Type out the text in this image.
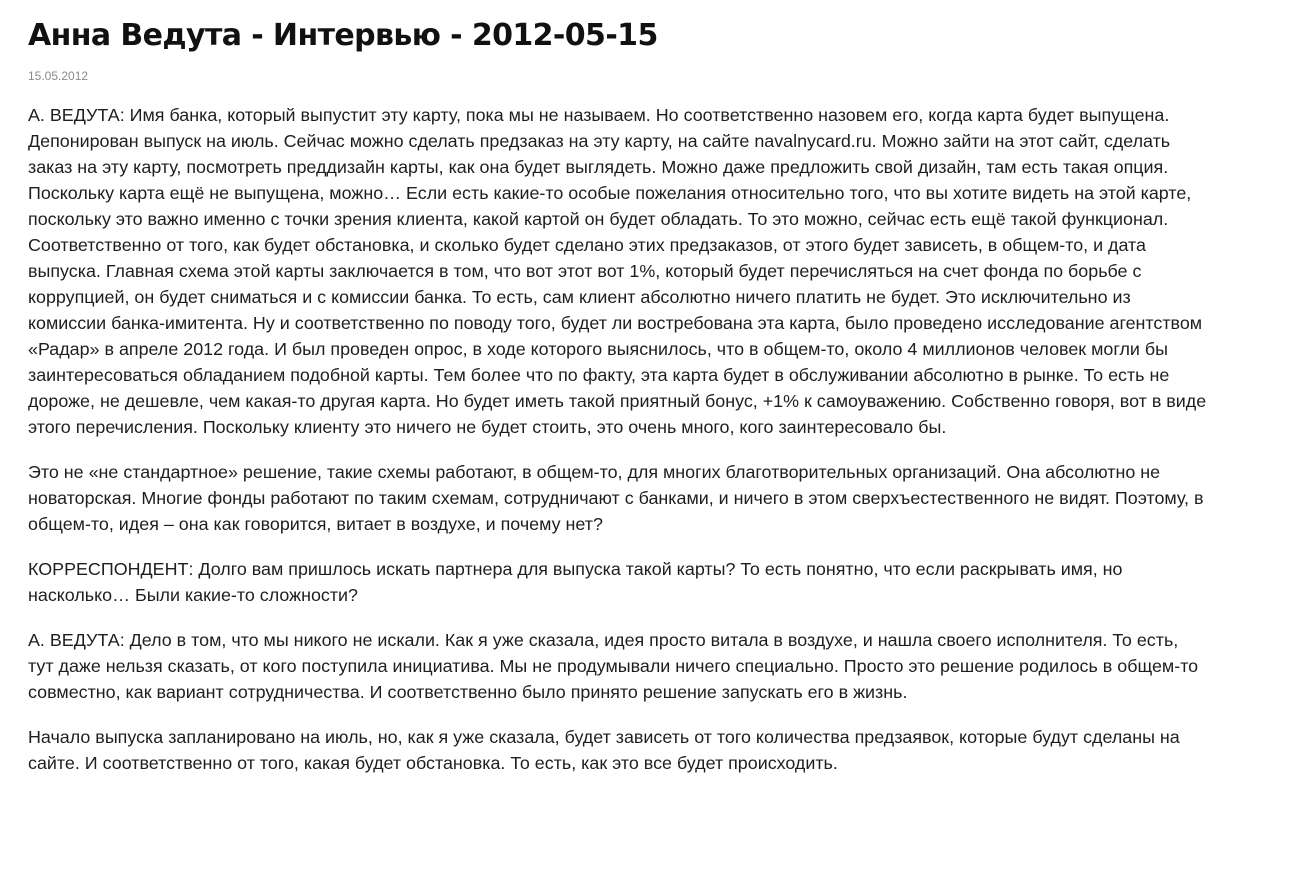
Анна Ведута - Интервью - 2012-05-15
15.05.2012

А. ВЕДУТА: Имя банка, который выпустит эту карту, пока мы не называем. Но соответственно назовем его, когда карта будет выпущена. Депонирован выпуск на июль. Сейчас можно сделать предзаказ на эту карту, на сайте navalnycard.ru. Можно зайти на этот сайт, сделать заказ на эту карту, посмотреть преддизайн карты, как она будет выглядеть. Можно даже предложить свой дизайн, там есть такая опция. Поскольку карта ещё не выпущена, можно… Если есть какие-то особые пожелания относительно того, что вы хотите видеть на этой карте, поскольку это важно именно с точки зрения клиента, какой картой он будет обладать. То это можно, сейчас есть ещё такой функционал. Соответственно от того, как будет обстановка, и сколько будет сделано этих предзаказов, от этого будет зависеть, в общем-то, и дата выпуска. Главная схема этой карты заключается в том, что вот этот вот 1%, который будет перечисляться на счет фонда по борьбе с коррупцией, он будет сниматься и с комиссии банка. То есть, сам клиент абсолютно ничего платить не будет. Это исключительно из комиссии банка-имитента. Ну и соответственно по поводу того, будет ли востребована эта карта, было проведено исследование агентством «Радар» в апреле 2012 года. И был проведен опрос, в ходе которого выяснилось, что в общем-то, около 4 миллионов человек могли бы заинтересоваться обладанием подобной карты. Тем более что по факту, эта карта будет в обслуживании абсолютно в рынке. То есть не дороже, не дешевле, чем какая-то другая карта. Но будет иметь такой приятный бонус, +1% к самоуважению. Собственно говоря, вот в виде этого перечисления. Поскольку клиенту это ничего не будет стоить, это очень много, кого заинтересовало бы.

Это не «не стандартное» решение, такие схемы работают, в общем-то, для многих благотворительных организаций. Она абсолютно не новаторская. Многие фонды работают по таким схемам, сотрудничают с банками, и ничего в этом сверхъестественного не видят. Поэтому, в общем-то, идея – она как говорится, витает в воздухе, и почему нет?

КОРРЕСПОНДЕНТ: Долго вам пришлось искать партнера для выпуска такой карты? То есть понятно, что если раскрывать имя, но насколько… Были какие-то сложности?

А. ВЕДУТА: Дело в том, что мы никого не искали. Как я уже сказала, идея просто витала в воздухе, и нашла своего исполнителя. То есть, тут даже нельзя сказать, от кого поступила инициатива. Мы не продумывали ничего специально. Просто это решение родилось в общем-то совместно, как вариант сотрудничества. И соответственно было принято решение запускать его в жизнь.

Начало выпуска запланировано на июль, но, как я уже сказала, будет зависеть от того количества предзаявок, которые будут сделаны на сайте. И соответственно от того, какая будет обстановка. То есть, как это все будет происходить.
